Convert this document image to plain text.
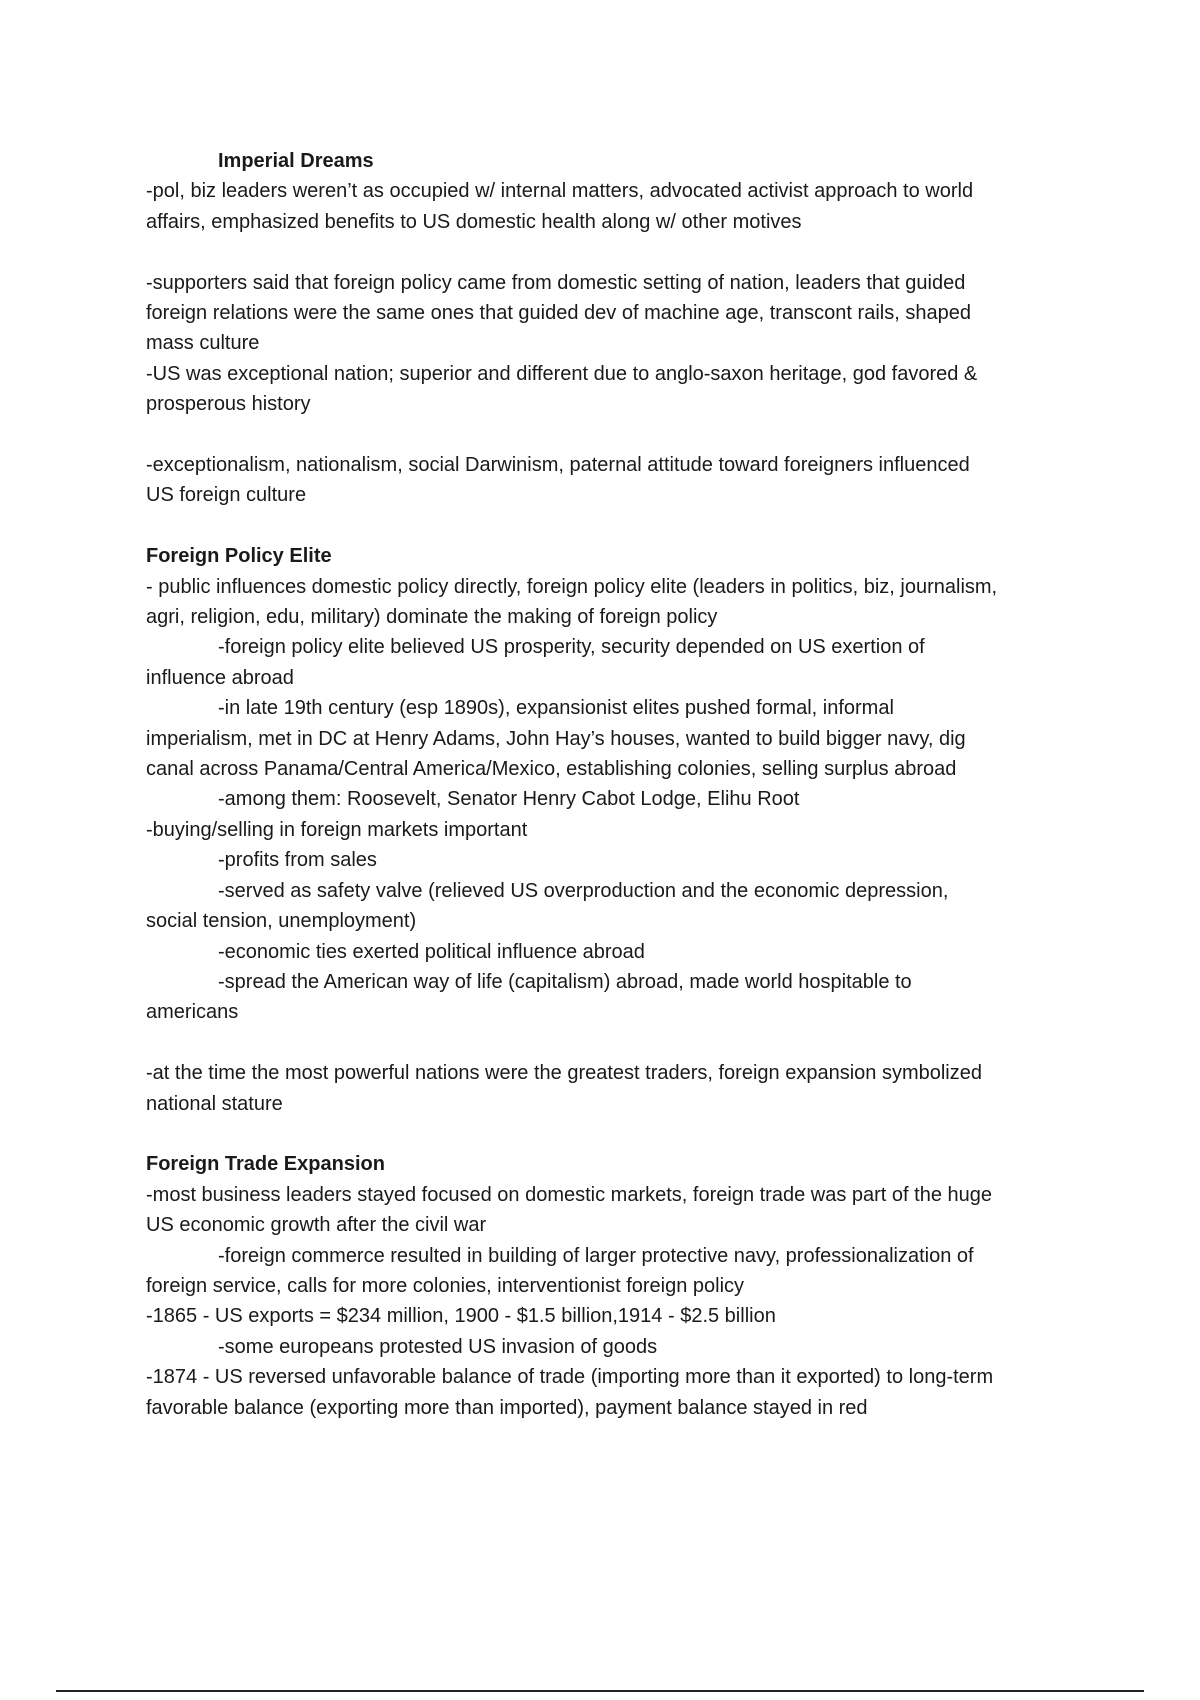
Imperial Dreams
-pol, biz leaders weren’t as occupied w/ internal matters, advocated activist approach to world
affairs, emphasized benefits to US domestic health along w/ other motives
-supporters said that foreign policy came from domestic setting of nation, leaders that guided
foreign relations were the same ones that guided dev of machine age, transcont rails, shaped
mass culture
-US was exceptional nation; superior and different due to anglo-saxon heritage, god favored &
prosperous history
-exceptionalism, nationalism, social Darwinism, paternal attitude toward foreigners influenced
US foreign culture
Foreign Policy Elite
- public influences domestic policy directly, foreign policy elite (leaders in politics, biz, journalism,
agri, religion, edu, military) dominate the making of foreign policy
-foreign policy elite believed US prosperity, security depended on US exertion of
influence abroad
-in late 19th century (esp 1890s), expansionist elites pushed formal, informal
imperialism, met in DC at Henry Adams, John Hay’s houses, wanted to build bigger navy, dig
canal across Panama/Central America/Mexico, establishing colonies, selling surplus abroad
-among them: Roosevelt, Senator Henry Cabot Lodge, Elihu Root
-buying/selling in foreign markets important
-profits from sales
-served as safety valve (relieved US overproduction and the economic depression,
social tension, unemployment)
-economic ties exerted political influence abroad
-spread the American way of life (capitalism) abroad, made world hospitable to
americans
-at the time the most powerful nations were the greatest traders, foreign expansion symbolized
national stature
Foreign Trade Expansion
-most business leaders stayed focused on domestic markets, foreign trade was part of the huge
US economic growth after the civil war
-foreign commerce resulted in building of larger protective navy, professionalization of
foreign service, calls for more colonies, interventionist foreign policy
-1865 - US exports = $234 million, 1900 - $1.5 billion,1914 - $2.5 billion
-some europeans protested US invasion of goods
-1874 - US reversed unfavorable balance of trade (importing more than it exported) to long-term
favorable balance (exporting more than imported), payment balance stayed in red
